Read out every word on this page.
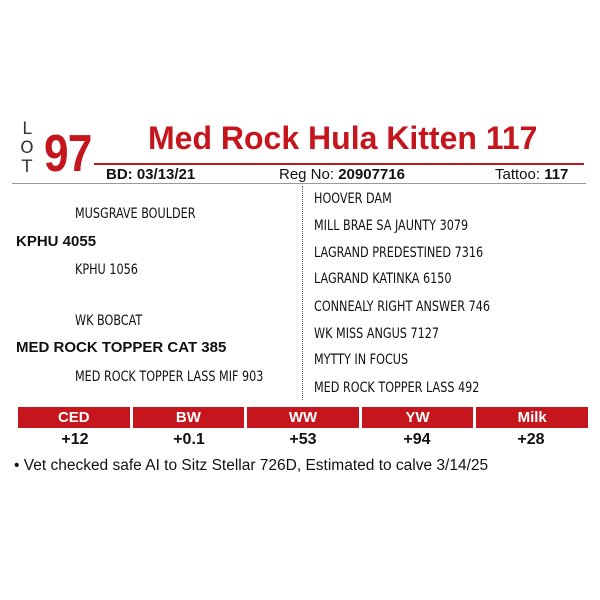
L
O
T 97 Med Rock Hula Kitten 117
BD: 03/13/21	Reg No: 20907716	Tattoo: 117
MUSGRAVE BOULDER
KPHU 4055
KPHU 1056
WK BOBCAT
MED ROCK TOPPER CAT 385
MED ROCK TOPPER LASS MIF 903
HOOVER DAM
MILL BRAE SA JAUNTY 3079
LAGRAND PREDESTINED 7316
LAGRAND KATINKA 6150
CONNEALY RIGHT ANSWER 746
WK MISS ANGUS 7127
MYTTY IN FOCUS
MED ROCK TOPPER LASS 492
CED	BW	WW	YW	Milk
+12	+0.1	+53	+94	+28
• Vet checked safe AI to Sitz Stellar 726D, Estimated to calve 3/14/25
